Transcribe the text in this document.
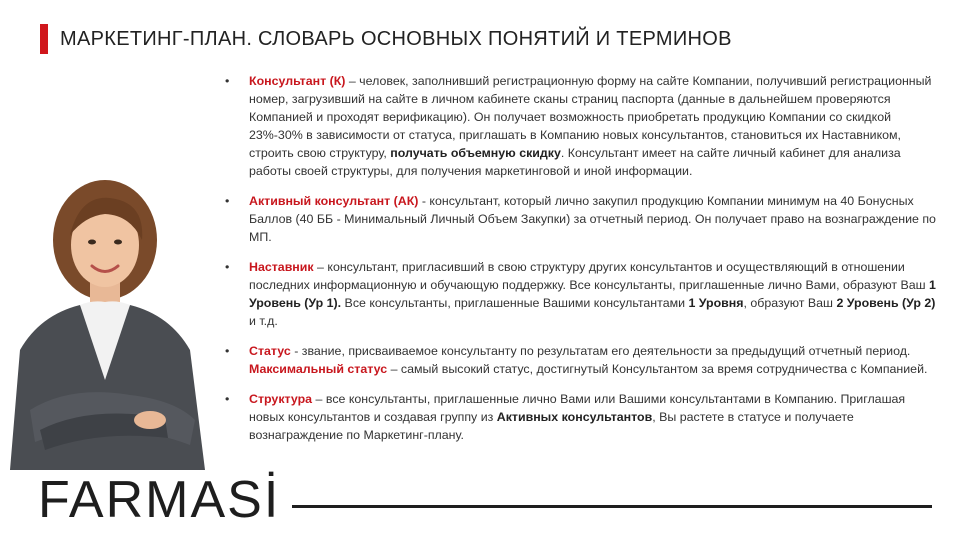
МАРКЕТИНГ-ПЛАН. СЛОВАРЬ ОСНОВНЫХ ПОНЯТИЙ И ТЕРМИНОВ
•	Консультант (К) – человек, заполнивший регистрационную форму на сайте Компании, получивший регистрационный номер, загрузивший на сайте в личном кабинете сканы страниц паспорта (данные в дальнейшем проверяются Компанией и проходят верификацию). Он получает возможность приобретать продукцию Компании со скидкой 23%-30% в зависимости от статуса, приглашать в Компанию новых консультантов, становиться их Наставником, строить свою структуру, получать объемную скидку. Консультант имеет на сайте личный кабинет для анализа работы своей структуры, для получения маркетинговой и иной информации.
•	Активный консультант (АК) - консультант, который лично закупил продукцию Компании минимум на 40 Бонусных Баллов (40 ББ - Минимальный Личный Объем Закупки) за отчетный период. Он получает право на вознаграждение по МП.
•	Наставник – консультант, пригласивший в свою структуру других консультантов и осуществляющий в отношении последних информационную и обучающую поддержку. Все консультанты, приглашенные лично Вами, образуют Ваш 1 Уровень (Ур 1). Все консультанты, приглашенные Вашими консультантами 1 Уровня, образуют Ваш 2 Уровень (Ур 2) и т.д.
•	Статус - звание, присваиваемое консультанту по результатам его деятельности за предыдущий отчетный период. Максимальный статус – самый высокий статус, достигнутый Консультантом за время сотрудничества с Компанией.
•	Структура – все консультанты, приглашенные лично Вами или Вашими консультантами в Компанию. Приглашая новых консультантов и создавая группу из Активных консультантов, Вы растете в статусе и получаете вознаграждение по Маркетинг-плану.
FARMASİ
